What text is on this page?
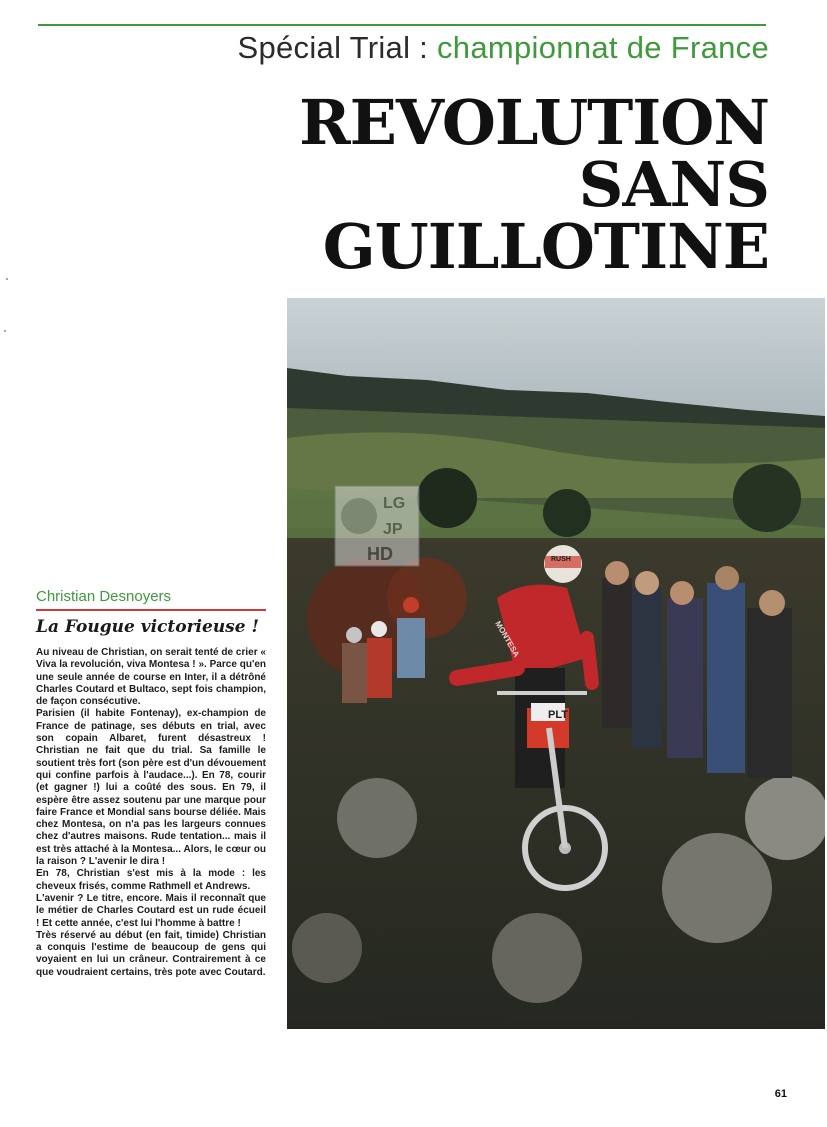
Spécial Trial : championnat de France
REVOLUTION
SANS
GUILLOTINE
PLT
RUSH
MONTESA
LG
JP
HD
Christian Desnoyers
La Fougue victorieuse !

Au niveau de Christian, on serait tenté de crier « Viva la revolución, viva Montesa ! ». Parce qu'en une seule année de course en Inter, il a détrôné Charles Coutard et Bultaco, sept fois champion, de façon consécutive.

Parisien (il habite Fontenay), ex-champion de France de patinage, ses débuts en trial, avec son copain Albaret, furent désastreux ! Christian ne fait que du trial. Sa famille le soutient très fort (son père est d'un dévouement qui confine parfois à l'audace...). En 78, courir (et gagner !) lui a coûté des sous. En 79, il espère être assez soutenu par une marque pour faire France et Mondial sans bourse déliée. Mais chez Montesa, on n'a pas les largeurs connues chez d'autres maisons. Rude tentation... mais il est très attaché à la Montesa... Alors, le cœur ou la raison ? L'avenir le dira !

En 78, Christian s'est mis à la mode : les cheveux frisés, comme Rathmell et Andrews.

L'avenir ? Le titre, encore. Mais il reconnaît que le métier de Charles Coutard est un rude écueil ! Et cette année, c'est lui l'homme à battre !

Très réservé au début (en fait, timide) Christian a conquis l'estime de beaucoup de gens qui voyaient en lui un crâneur. Contrairement à ce que voudraient certains, très pote avec Coutard.

61
